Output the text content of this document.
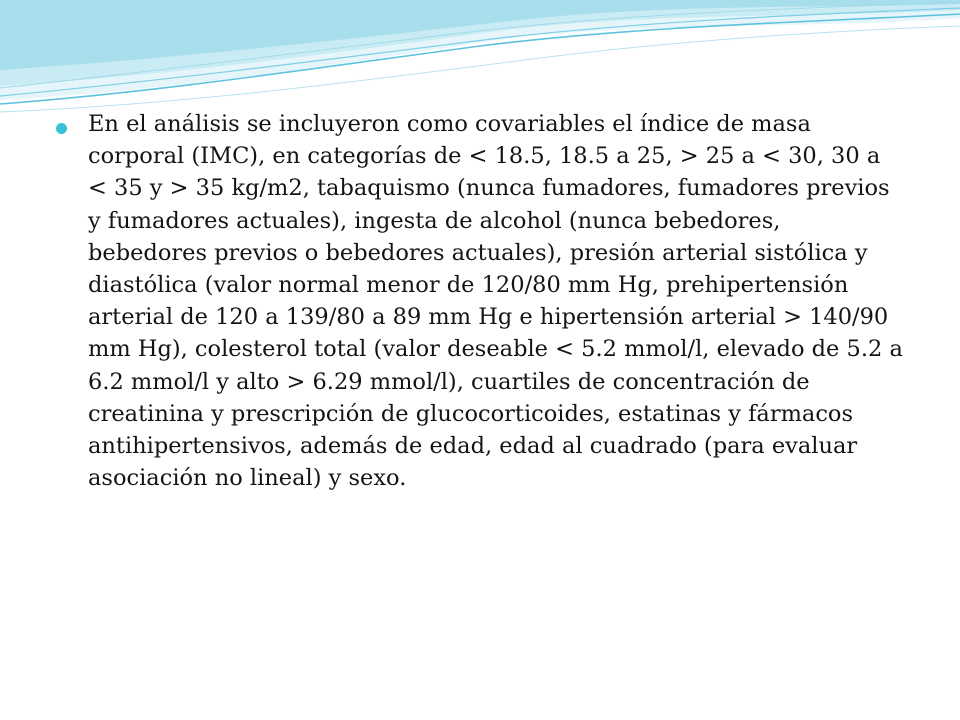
En el análisis se incluyeron como covariables el índice de masa corporal (IMC), en categorías de < 18.5, 18.5 a 25, > 25 a < 30, 30 a < 35 y > 35 kg/m2, tabaquismo (nunca fumadores, fumadores previos y fumadores actuales), ingesta de alcohol (nunca bebedores, bebedores previos o bebedores actuales), presión arterial sistólica y diastólica (valor normal menor de 120/80 mm Hg, prehipertensión arterial de 120 a 139/80 a 89 mm Hg e hipertensión arterial > 140/90 mm Hg), colesterol total (valor deseable < 5.2 mmol/l, elevado de 5.2 a 6.2 mmol/l y alto > 6.29 mmol/l), cuartiles de concentración de creatinina y prescripción de glucocorticoides, estatinas y fármacos antihipertensivos, además de edad, edad al cuadrado (para evaluar asociación no lineal) y sexo.
